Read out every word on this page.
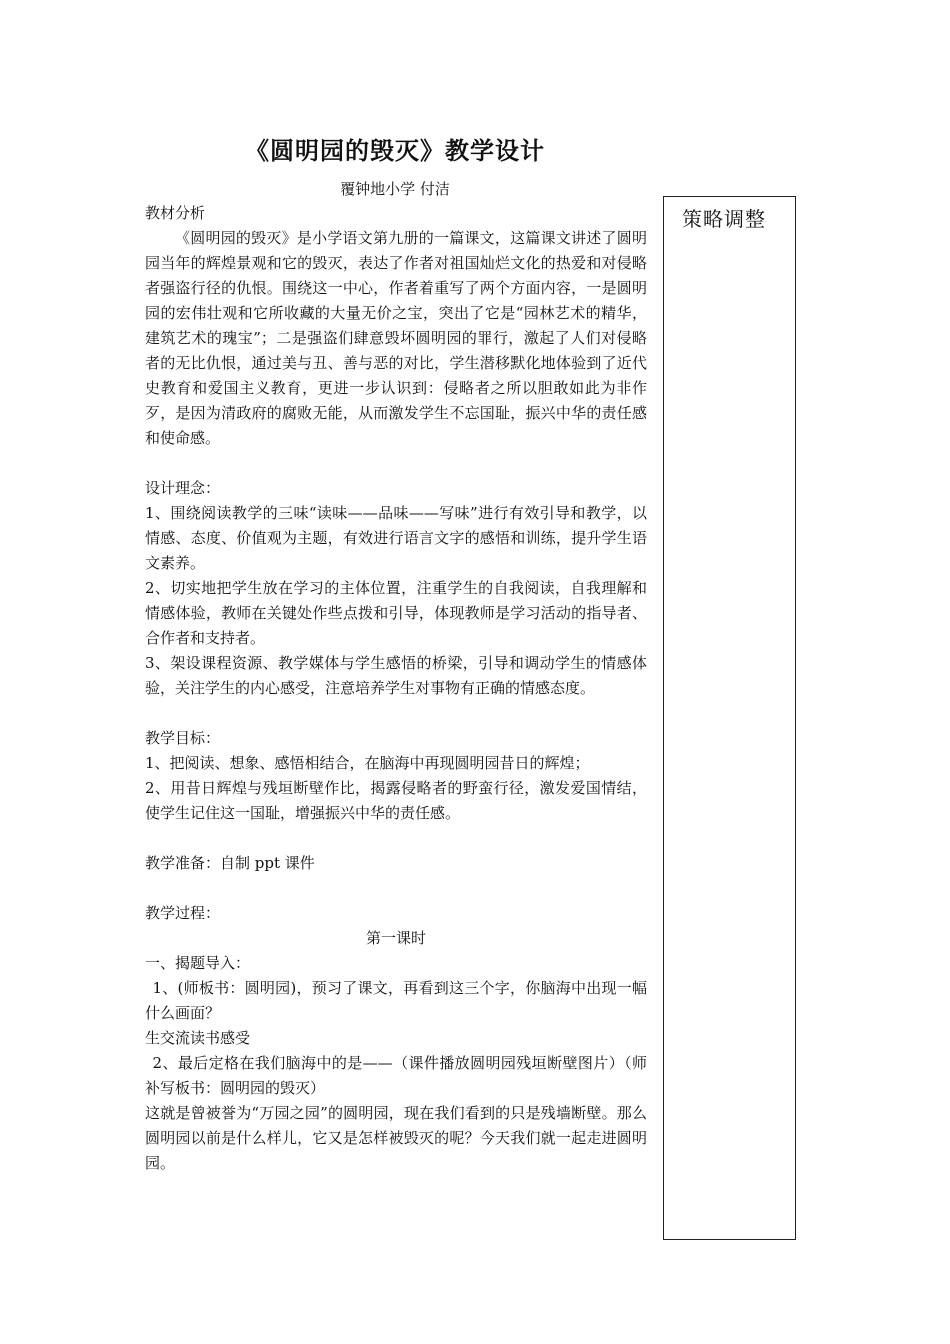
《圆明园的毁灭》教学设计
覆钟地小学 付洁
策略调整

教材分析

《圆明园的毁灭》是小学语文第九册的一篇课文，这篇课文讲述了圆明园当年的辉煌景观和它的毁灭，表达了作者对祖国灿烂文化的热爱和对侵略者强盗行径的仇恨。围绕这一中心，作者着重写了两个方面内容，一是圆明园的宏伟壮观和它所收藏的大量无价之宝，突出了它是“园林艺术的精华，建筑艺术的瑰宝”；二是强盗们肆意毁坏圆明园的罪行，激起了人们对侵略者的无比仇恨，通过美与丑、善与恶的对比，学生潜移默化地体验到了近代史教育和爱国主义教育，更进一步认识到：侵略者之所以胆敢如此为非作歹，是因为清政府的腐败无能，从而激发学生不忘国耻，振兴中华的责任感和使命感。

设计理念：

1、围绕阅读教学的三味“读味——品味——写味”进行有效引导和教学，以情感、态度、价值观为主题，有效进行语言文字的感悟和训练，提升学生语文素养。

2、切实地把学生放在学习的主体位置，注重学生的自我阅读，自我理解和情感体验，教师在关键处作些点拨和引导，体现教师是学习活动的指导者、合作者和支持者。

3、架设课程资源、教学媒体与学生感悟的桥梁，引导和调动学生的情感体验，关注学生的内心感受，注意培养学生对事物有正确的情感态度。

教学目标：

1、把阅读、想象、感悟相结合，在脑海中再现圆明园昔日的辉煌；

2、用昔日辉煌与残垣断壁作比，揭露侵略者的野蛮行径，激发爱国情结，使学生记住这一国耻，增强振兴中华的责任感。

教学准备：自制 ppt 课件

教学过程：

第一课时

一、揭题导入：

1、(师板书：圆明园)，预习了课文，再看到这三个字，你脑海中出现一幅什么画面？

生交流读书感受

2、最后定格在我们脑海中的是——（课件播放圆明园残垣断壁图片）（师补写板书：圆明园的毁灭）

这就是曾被誉为“万园之园”的圆明园，现在我们看到的只是残墙断壁。那么圆明园以前是什么样儿，它又是怎样被毁灭的呢？今天我们就一起走进圆明园。
